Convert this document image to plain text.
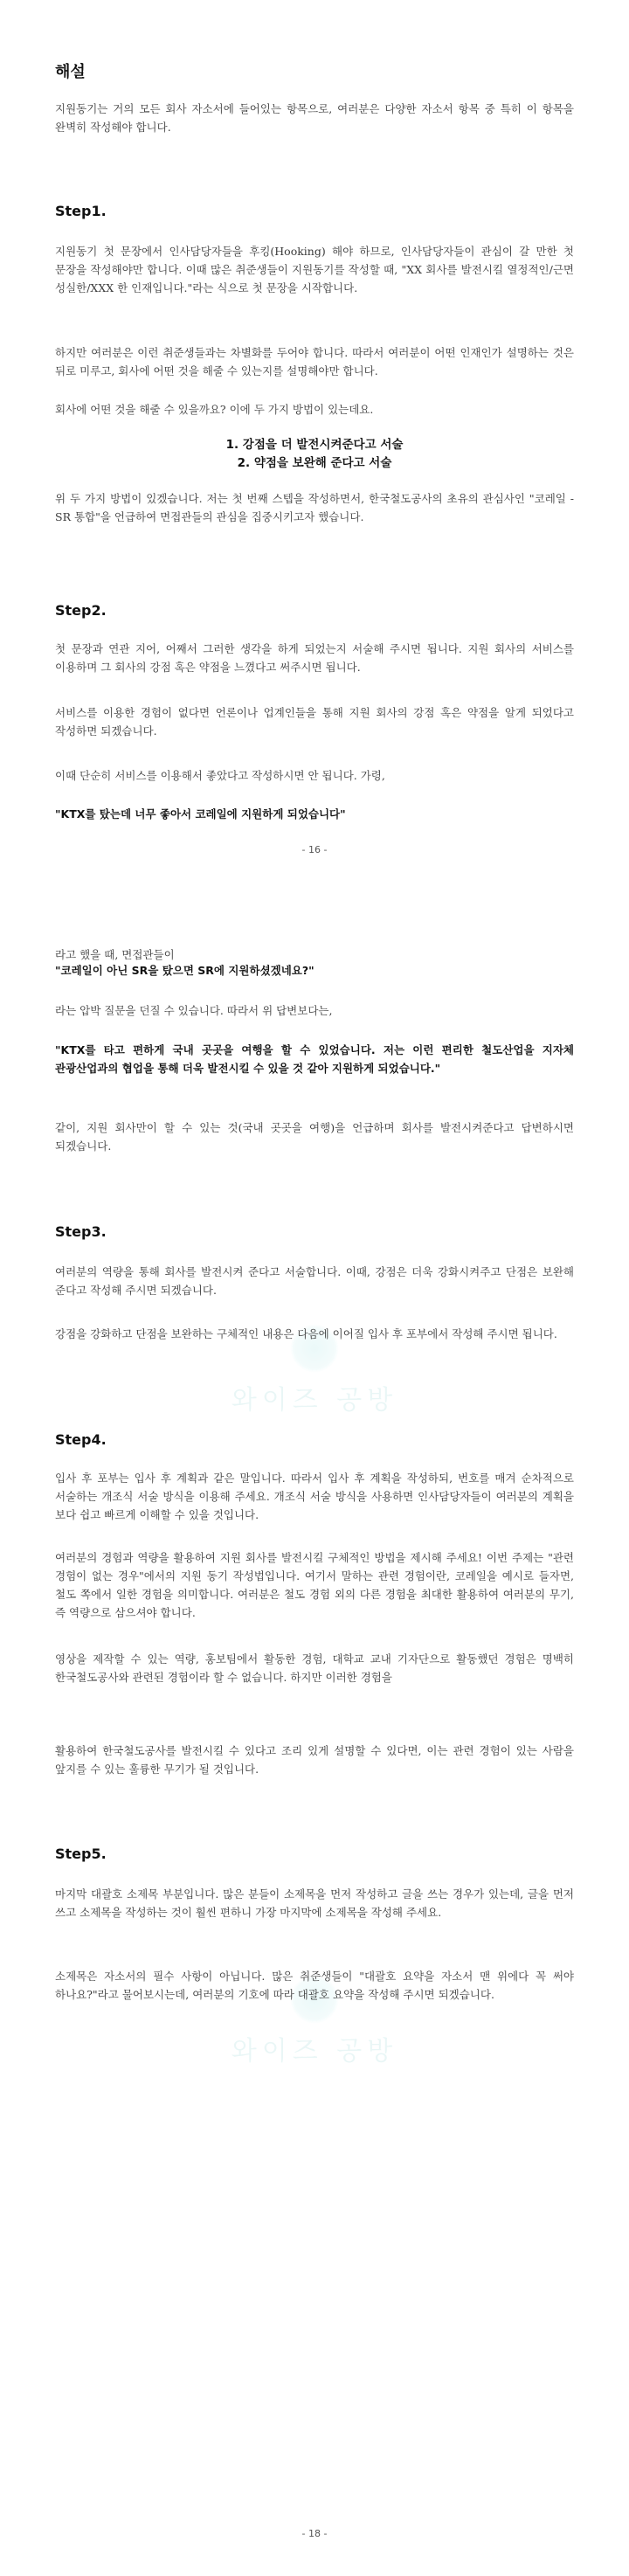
와이즈 공방
와이즈 공방
해설

지원동기는 거의 모든 회사 자소서에 들어있는 항목으로, 여러분은 다양한 자소서 항목 중 특히 이 항목을 완벽히 작성해야 합니다.

Step1.

지원동기 첫 문장에서 인사담당자들을 후킹(Hooking) 해야 하므로, 인사담당자들이 관심이 갈 만한 첫 문장을 작성해야만 합니다. 이때 많은 취준생들이 지원동기를 작성할 때, "XX 회사를 발전시킬 열정적인/근면 성실한/XXX 한 인재입니다."라는 식으로 첫 문장을 시작합니다.

하지만 여러분은 이런 취준생들과는 차별화를 두어야 합니다. 따라서 여러분이 어떤 인재인가 설명하는 것은 뒤로 미루고, 회사에 어떤 것을 해줄 수 있는지를 설명해야만 합니다.

회사에 어떤 것을 해줄 수 있을까요? 이에 두 가지 방법이 있는데요.

1. 강점을 더 발전시켜준다고 서술

2. 약점을 보완해 준다고 서술

위 두 가지 방법이 있겠습니다. 저는 첫 번째 스텝을 작성하면서, 한국철도공사의 초유의 관심사인 "코레일 - SR 통합"을 언급하여 면접관들의 관심을 집중시키고자 했습니다.

Step2.

첫 문장과 연관 지어, 어째서 그러한 생각을 하게 되었는지 서술해 주시면 됩니다. 지원 회사의 서비스를 이용하며 그 회사의 강점 혹은 약점을 느꼈다고 써주시면 됩니다.

서비스를 이용한 경험이 없다면 언론이나 업계인들을 통해 지원 회사의 강점 혹은 약점을 알게 되었다고 작성하면 되겠습니다.

이때 단순히 서비스를 이용해서 좋았다고 작성하시면 안 됩니다. 가령,

"KTX를 탔는데 너무 좋아서 코레일에 지원하게 되었습니다"

- 16 -

라고 했을 때, 면접관들이

"코레일이 아닌 SR을 탔으면 SR에 지원하셨겠네요?"

라는 압박 질문을 던질 수 있습니다. 따라서 위 답변보다는,

"KTX를 타고 편하게 국내 곳곳을 여행을 할 수 있었습니다. 저는 이런 편리한 철도산업을 지자체 관광산업과의 협업을 통해 더욱 발전시킬 수 있을 것 같아 지원하게 되었습니다."

같이, 지원 회사만이 할 수 있는 것(국내 곳곳을 여행)을 언급하며 회사를 발전시켜준다고 답변하시면 되겠습니다.

Step3.

여러분의 역량을 통해 회사를 발전시켜 준다고 서술합니다. 이때, 강점은 더욱 강화시켜주고 단점은 보완해 준다고 작성해 주시면 되겠습니다.

강점을 강화하고 단점을 보완하는 구체적인 내용은 다음에 이어질 입사 후 포부에서 작성해 주시면 됩니다.

Step4.

입사 후 포부는 입사 후 계획과 같은 말입니다. 따라서 입사 후 계획을 작성하되, 번호를 매겨 순차적으로 서술하는 개조식 서술 방식을 이용해 주세요. 개조식 서술 방식을 사용하면 인사담당자들이 여러분의 계획을 보다 쉽고 빠르게 이해할 수 있을 것입니다.

여러분의 경험과 역량을 활용하여 지원 회사를 발전시킬 구체적인 방법을 제시해 주세요! 이번 주제는 "관련 경험이 없는 경우"에서의 지원 동기 작성법입니다. 여기서 말하는 관련 경험이란, 코레일을 예시로 들자면, 철도 쪽에서 일한 경험을 의미합니다. 여러분은 철도 경험 외의 다른 경험을 최대한 활용하여 여러분의 무기, 즉 역량으로 삼으셔야 합니다.

영상을 제작할 수 있는 역량, 홍보팀에서 활동한 경험, 대학교 교내 기자단으로 활동했던 경험은 명백히 한국철도공사와 관련된 경험이라 할 수 없습니다. 하지만 이러한 경험을

활용하여 한국철도공사를 발전시킬 수 있다고 조리 있게 설명할 수 있다면, 이는 관련 경험이 있는 사람을 앞지를 수 있는 훌륭한 무기가 될 것입니다.

Step5.

마지막 대괄호 소제목 부분입니다. 많은 분들이 소제목을 먼저 작성하고 글을 쓰는 경우가 있는데, 글을 먼저 쓰고 소제목을 작성하는 것이 훨씬 편하니 가장 마지막에 소제목을 작성해 주세요.

소제목은 자소서의 필수 사항이 아닙니다. 많은 취준생들이 "대괄호 요약을 자소서 맨 위에다 꼭 써야 하나요?"라고 물어보시는데, 여러분의 기호에 따라 대괄호 요약을 작성해 주시면 되겠습니다.

- 18 -
